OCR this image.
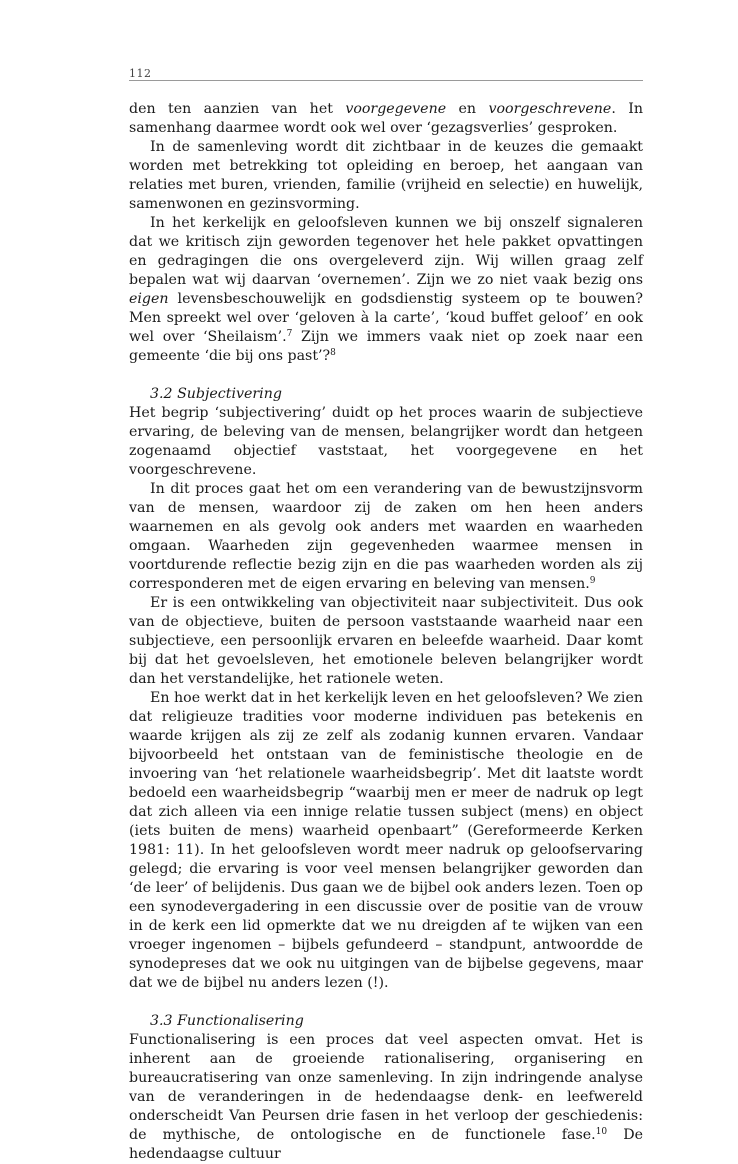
112

den ten aanzien van het voorgegevene en voorgeschrevene. In samenhang daarmee wordt ook wel over ‘gezagsverlies’ gesproken.

In de samenleving wordt dit zichtbaar in de keuzes die gemaakt worden met betrekking tot opleiding en beroep, het aangaan van relaties met buren, vrienden, familie (vrijheid en selectie) en huwelijk, samenwonen en gezinsvorming.

In het kerkelijk en geloofsleven kunnen we bij onszelf signaleren dat we kritisch zijn geworden tegenover het hele pakket opvattingen en gedragingen die ons overgeleverd zijn. Wij willen graag zelf bepalen wat wij daarvan ‘overnemen’. Zijn we zo niet vaak bezig ons eigen levensbeschouwelijk en godsdienstig systeem op te bouwen? Men spreekt wel over ‘geloven à la carte’, ‘koud buffet geloof’ en ook wel over ‘Sheilaism’.$^7$ Zijn we immers vaak niet op zoek naar een gemeente ‘die bij ons past’?$^8$

3.2 Subjectivering

Het begrip ‘subjectivering’ duidt op het proces waarin de subjectieve ervaring, de beleving van de mensen, belangrijker wordt dan hetgeen zogenaamd objectief vaststaat, het voorgegevene en het voorgeschrevene.

In dit proces gaat het om een verandering van de bewustzijnsvorm van de mensen, waardoor zij de zaken om hen heen anders waarnemen en als gevolg ook anders met waarden en waarheden omgaan. Waarheden zijn gegevenheden waarmee mensen in voortdurende reflectie bezig zijn en die pas waarheden worden als zij corresponderen met de eigen ervaring en beleving van mensen.$^9$

Er is een ontwikkeling van objectiviteit naar subjectiviteit. Dus ook van de objectieve, buiten de persoon vaststaande waarheid naar een subjectieve, een persoonlijk ervaren en beleefde waarheid. Daar komt bij dat het gevoelsleven, het emotionele beleven belangrijker wordt dan het verstandelijke, het rationele weten.

En hoe werkt dat in het kerkelijk leven en het geloofsleven? We zien dat religieuze tradities voor moderne individuen pas betekenis en waarde krijgen als zij ze zelf als zodanig kunnen ervaren. Vandaar bijvoorbeeld het ontstaan van de feministische theologie en de invoering van ‘het relationele waarheidsbegrip’. Met dit laatste wordt bedoeld een waarheidsbegrip “waarbij men er meer de nadruk op legt dat zich alleen via een innige relatie tussen subject (mens) en object (iets buiten de mens) waarheid openbaart” (Gereformeerde Kerken 1981: 11). In het geloofsleven wordt meer nadruk op geloofservaring gelegd; die ervaring is voor veel mensen belangrijker geworden dan ‘de leer’ of belijdenis. Dus gaan we de bijbel ook anders lezen. Toen op een synodevergadering in een discussie over de positie van de vrouw in de kerk een lid opmerkte dat we nu dreigden af te wijken van een vroeger ingenomen – bijbels gefundeerd – standpunt, antwoordde de synodepreses dat we ook nu uitgingen van de bijbelse gegevens, maar dat we de bijbel nu anders lezen (!).

3.3 Functionalisering

Functionalisering is een proces dat veel aspecten omvat. Het is inherent aan de groeiende rationalisering, organisering en bureaucratisering van onze samenleving. In zijn indringende analyse van de veranderingen in de hedendaagse denk- en leefwereld onderscheidt Van Peursen drie fasen in het verloop der geschiedenis: de mythische, de ontologische en de functionele fase.$^{10}$ De hedendaagse cultuur
